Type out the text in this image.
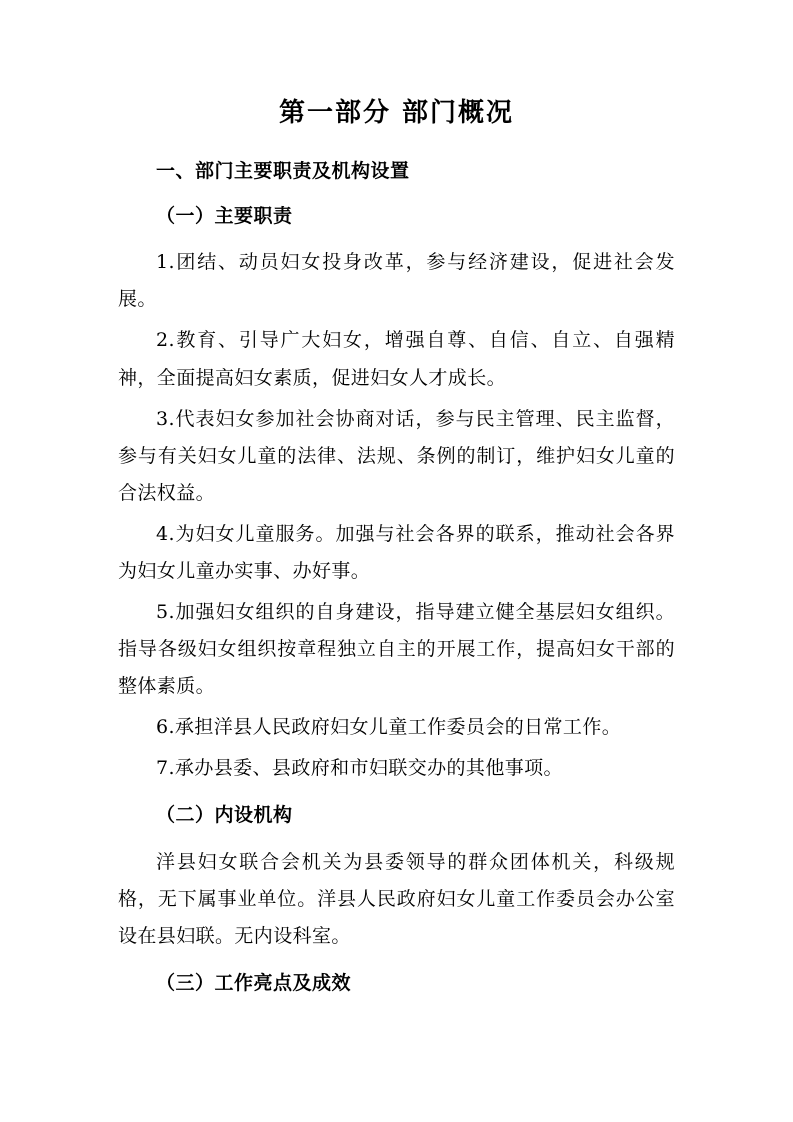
第一部分 部门概况
一、部门主要职责及机构设置
（一）主要职责

1.团结、动员妇女投身改革，参与经济建设，促进社会发展。

2.教育、引导广大妇女，增强自尊、自信、自立、自强精神，全面提高妇女素质，促进妇女人才成长。

3.代表妇女参加社会协商对话，参与民主管理、民主监督，参与有关妇女儿童的法律、法规、条例的制订，维护妇女儿童的合法权益。

4.为妇女儿童服务。加强与社会各界的联系，推动社会各界为妇女儿童办实事、办好事。

5.加强妇女组织的自身建设，指导建立健全基层妇女组织。指导各级妇女组织按章程独立自主的开展工作，提高妇女干部的整体素质。

6.承担洋县人民政府妇女儿童工作委员会的日常工作。

7.承办县委、县政府和市妇联交办的其他事项。

（二）内设机构

洋县妇女联合会机关为县委领导的群众团体机关，科级规格，无下属事业单位。洋县人民政府妇女儿童工作委员会办公室设在县妇联。无内设科室。

（三）工作亮点及成效
